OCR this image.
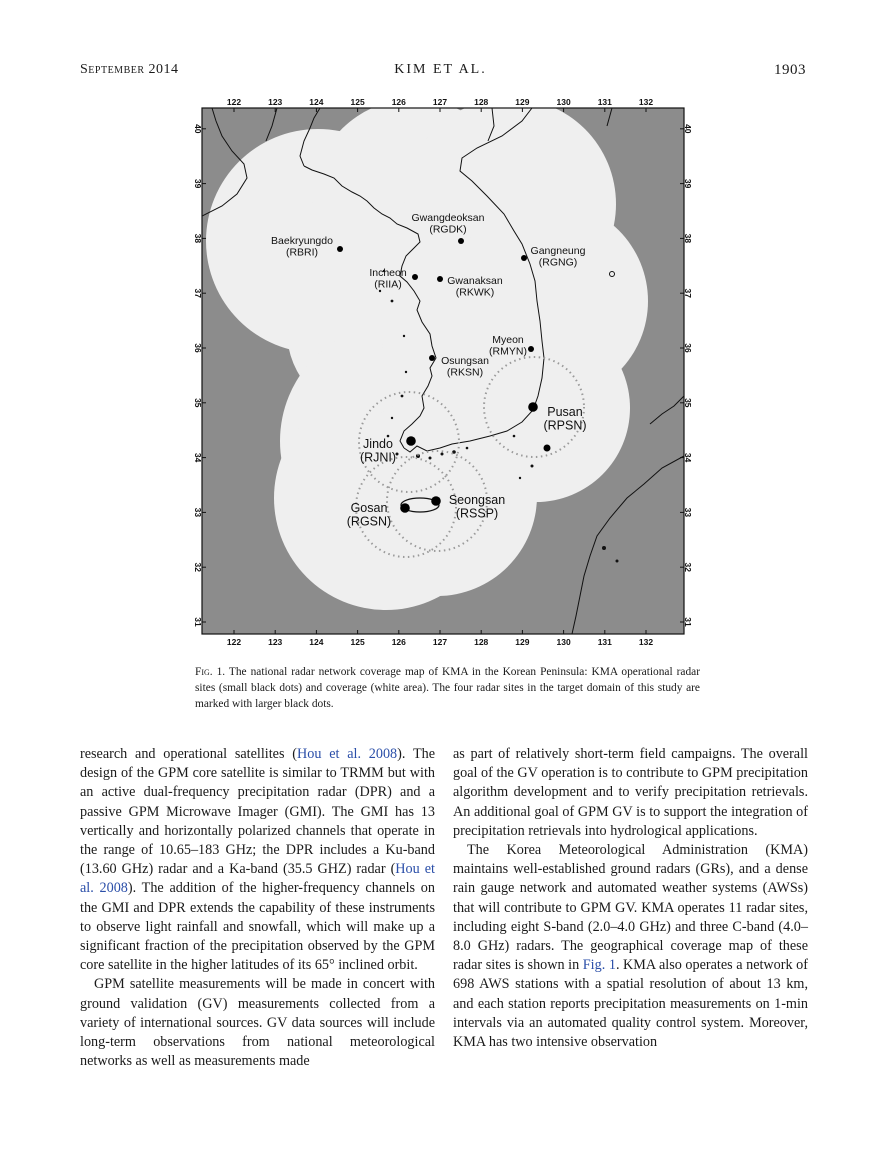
September 2014	KIM ET AL.	1903
122
122
123
123
124
124
125
125
126
126
127
127
128
128
129
129
130
130
131
131
132
132
31	31
32	32
33	33
34	34
35	35
36	36
37	37
38	38
39	39
40	40
Baekryungdo
(RBRI)
Gwangdeoksan
(RGDK)
Gangneung
(RGNG)
Incheon
(RIIA)	Gwanaksan
(RKWK)
Myeon
(RMYN)
Osungsan
(RKSN)
Pusan
(RPSN)
Jindo
(RJNI)
Gosan
(RGSN)
Seongsan
(RSSP)
Fig. 1. The national radar network coverage map of KMA in the Korean Peninsula: KMA operational radar sites (small black dots) and coverage (white area). The four radar sites in the target domain of this study are marked with larger black dots.

research and operational satellites (Hou et al. 2008). The design of the GPM core satellite is similar to TRMM but with an active dual-frequency precipitation radar (DPR) and a passive GPM Microwave Imager (GMI). The GMI has 13 vertically and horizontally polarized channels that operate in the range of 10.65–183 GHz; the DPR includes a Ku-band (13.60 GHz) radar and a Ka-band (35.5 GHZ) radar (Hou et al. 2008). The addition of the higher-frequency channels on the GMI and DPR extends the capability of these instruments to observe light rainfall and snowfall, which will make up a significant fraction of the precipitation observed by the GPM core satellite in the higher latitudes of its 65° inclined orbit.

GPM satellite measurements will be made in concert with ground validation (GV) measurements collected from a variety of international sources. GV data sources will include long-term observations from national meteorological networks as well as measurements made

as part of relatively short-term field campaigns. The overall goal of the GV operation is to contribute to GPM precipitation algorithm development and to verify precipitation retrievals. An additional goal of GPM GV is to support the integration of precipitation retrievals into hydrological applications.

The Korea Meteorological Administration (KMA) maintains well-established ground radars (GRs), and a dense rain gauge network and automated weather systems (AWSs) that will contribute to GPM GV. KMA operates 11 radar sites, including eight S-band (2.0–4.0 GHz) and three C-band (4.0–8.0 GHz) radars. The geographical coverage map of these radar sites is shown in Fig. 1. KMA also operates a network of 698 AWS stations with a spatial resolution of about 13 km, and each station reports precipitation measurements on 1-min intervals via an automated quality control system. Moreover, KMA has two intensive observation
